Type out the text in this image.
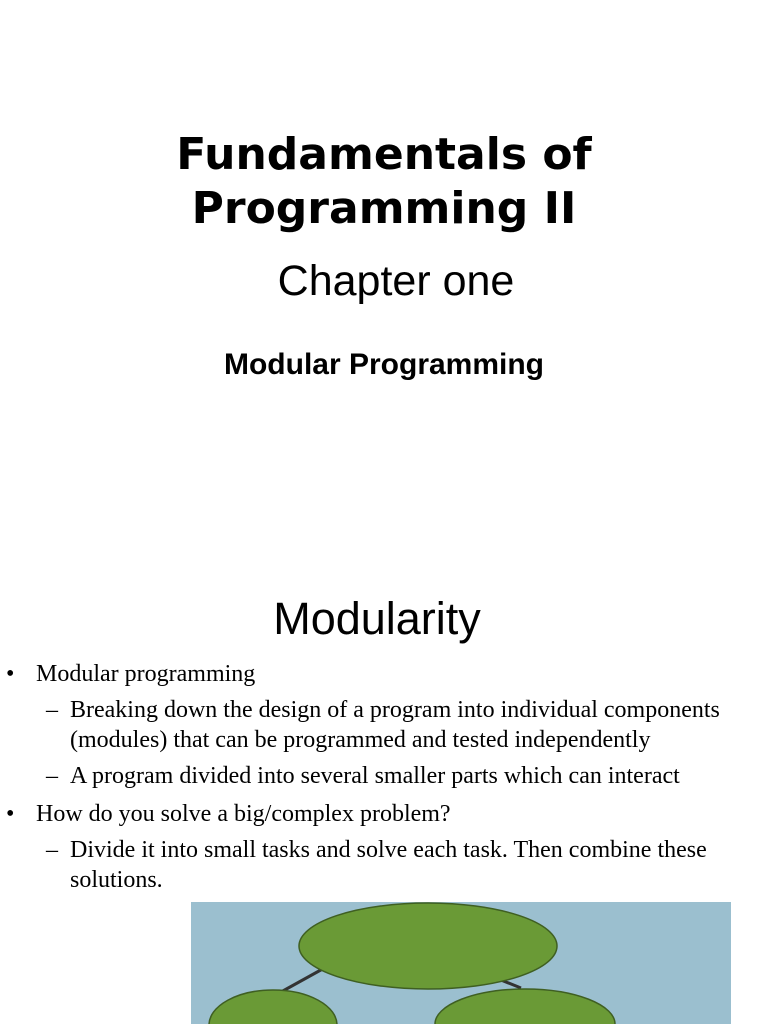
Fundamentals of
Programming II
Chapter one
Modular Programming
Modularity
• Modular programming
– Breaking down the design of a program into individual components (modules) that can be programmed and tested independently
– A program divided into several smaller parts which can interact
• How do you solve a big/complex problem?
– Divide it into small tasks and solve each task. Then combine these solutions.
